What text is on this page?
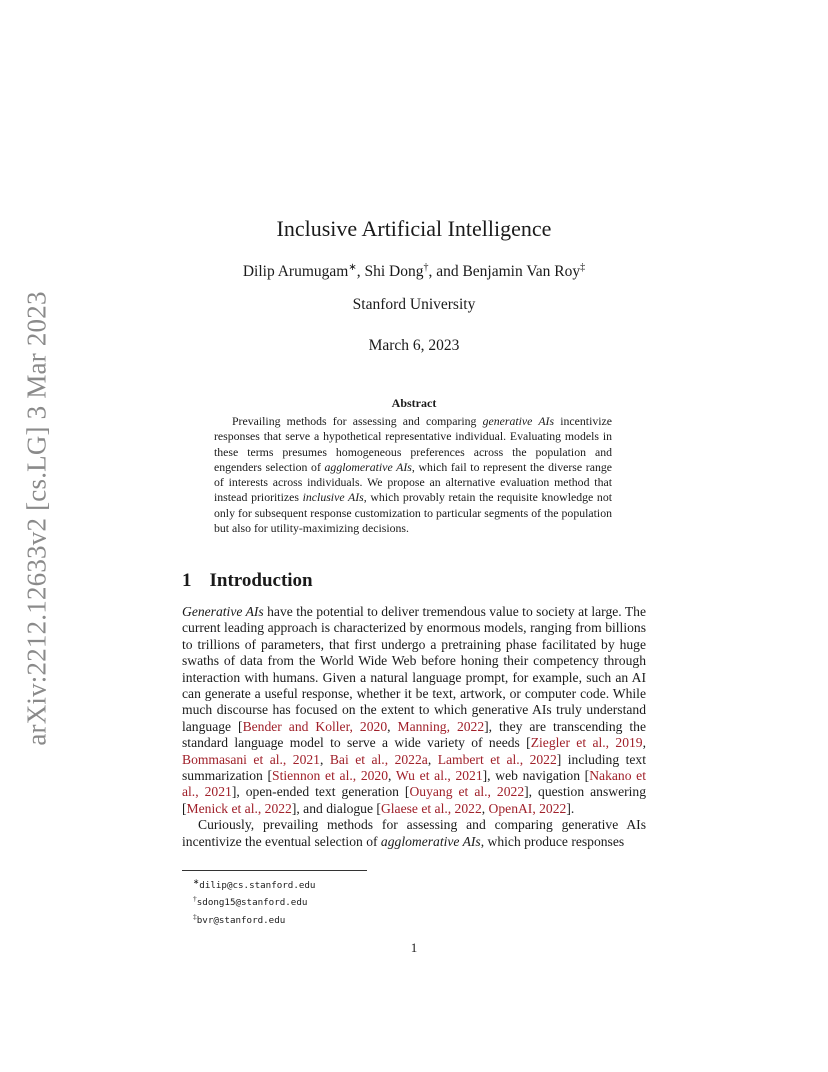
arXiv:2212.12633v2 [cs.LG] 3 Mar 2023
Inclusive Artificial Intelligence
Dilip Arumugam∗, Shi Dong†, and Benjamin Van Roy‡
Stanford University
March 6, 2023
Abstract

Prevailing methods for assessing and comparing generative AIs incentivize responses that serve a hypothetical representative individual. Evaluating models in these terms presumes homogeneous preferences across the population and engenders selection of agglomerative AIs, which fail to represent the diverse range of interests across individuals. We propose an alternative evaluation method that instead prioritizes inclusive AIs, which provably retain the requisite knowledge not only for subsequent response customization to particular segments of the population but also for utility-maximizing decisions.

1 Introduction

Generative AIs have the potential to deliver tremendous value to society at large. The current leading approach is characterized by enormous models, ranging from billions to trillions of parameters, that first undergo a pretraining phase facilitated by huge swaths of data from the World Wide Web before honing their competency through interaction with humans. Given a natural language prompt, for example, such an AI can generate a useful response, whether it be text, artwork, or computer code. While much discourse has focused on the extent to which generative AIs truly understand language [Bender and Koller, 2020, Manning, 2022], they are transcending the standard language model to serve a wide variety of needs [Ziegler et al., 2019, Bommasani et al., 2021, Bai et al., 2022a, Lambert et al., 2022] including text summarization [Stiennon et al., 2020, Wu et al., 2021], web navigation [Nakano et al., 2021], open-ended text generation [Ouyang et al., 2022], question answering [Menick et al., 2022], and dialogue [Glaese et al., 2022, OpenAI, 2022].

Curiously, prevailing methods for assessing and comparing generative AIs incentivize the eventual selection of agglomerative AIs, which produce responses

∗dilip@cs.stanford.edu
†sdong15@stanford.edu
‡bvr@stanford.edu
1
